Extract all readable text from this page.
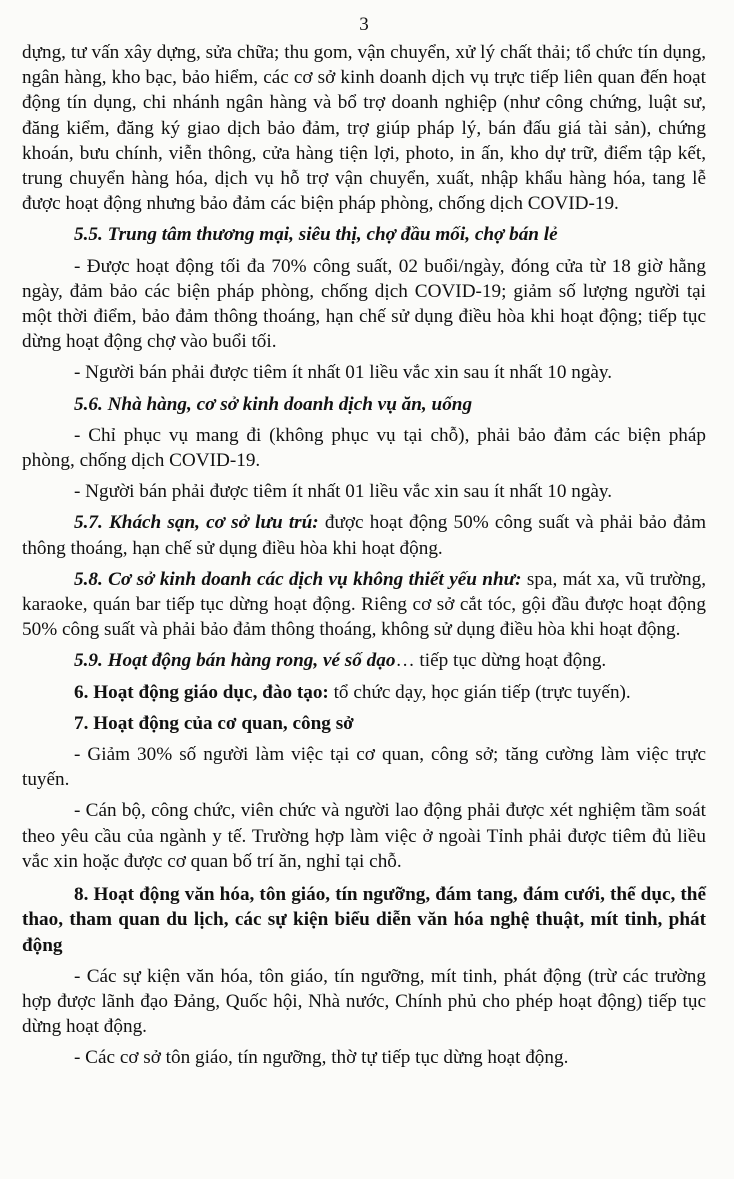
3

dựng, tư vấn xây dựng, sửa chữa; thu gom, vận chuyển, xử lý chất thải; tổ chức tín dụng, ngân hàng, kho bạc, bảo hiểm, các cơ sở kinh doanh dịch vụ trực tiếp liên quan đến hoạt động tín dụng, chi nhánh ngân hàng và bổ trợ doanh nghiệp (như công chứng, luật sư, đăng kiểm, đăng ký giao dịch bảo đảm, trợ giúp pháp lý, bán đấu giá tài sản), chứng khoán, bưu chính, viễn thông, cửa hàng tiện lợi, photo, in ấn, kho dự trữ, điểm tập kết, trung chuyển hàng hóa, dịch vụ hỗ trợ vận chuyển, xuất, nhập khẩu hàng hóa, tang lễ được hoạt động nhưng bảo đảm các biện pháp phòng, chống dịch COVID-19.

5.5. Trung tâm thương mại, siêu thị, chợ đầu mối, chợ bán lẻ

- Được hoạt động tối đa 70% công suất, 02 buổi/ngày, đóng cửa từ 18 giờ hằng ngày, đảm bảo các biện pháp phòng, chống dịch COVID-19; giảm số lượng người tại một thời điểm, bảo đảm thông thoáng, hạn chế sử dụng điều hòa khi hoạt động; tiếp tục dừng hoạt động chợ vào buổi tối.

- Người bán phải được tiêm ít nhất 01 liều vắc xin sau ít nhất 10 ngày.

5.6. Nhà hàng, cơ sở kinh doanh dịch vụ ăn, uống

- Chỉ phục vụ mang đi (không phục vụ tại chỗ), phải bảo đảm các biện pháp phòng, chống dịch COVID-19.

- Người bán phải được tiêm ít nhất 01 liều vắc xin sau ít nhất 10 ngày.

5.7. Khách sạn, cơ sở lưu trú: được hoạt động 50% công suất và phải bảo đảm thông thoáng, hạn chế sử dụng điều hòa khi hoạt động.

5.8. Cơ sở kinh doanh các dịch vụ không thiết yếu như: spa, mát xa, vũ trường, karaoke, quán bar tiếp tục dừng hoạt động. Riêng cơ sở cắt tóc, gội đầu được hoạt động 50% công suất và phải bảo đảm thông thoáng, không sử dụng điều hòa khi hoạt động.

5.9. Hoạt động bán hàng rong, vé số dạo… tiếp tục dừng hoạt động.

6. Hoạt động giáo dục, đào tạo: tổ chức dạy, học gián tiếp (trực tuyến).

7. Hoạt động của cơ quan, công sở

- Giảm 30% số người làm việc tại cơ quan, công sở; tăng cường làm việc trực tuyến.

- Cán bộ, công chức, viên chức và người lao động phải được xét nghiệm tầm soát theo yêu cầu của ngành y tế. Trường hợp làm việc ở ngoài Tỉnh phải được tiêm đủ liều vắc xin hoặc được cơ quan bố trí ăn, nghỉ tại chỗ.

8. Hoạt động văn hóa, tôn giáo, tín ngưỡng, đám tang, đám cưới, thể dục, thể thao, tham quan du lịch, các sự kiện biểu diễn văn hóa nghệ thuật, mít tinh, phát động

- Các sự kiện văn hóa, tôn giáo, tín ngưỡng, mít tinh, phát động (trừ các trường hợp được lãnh đạo Đảng, Quốc hội, Nhà nước, Chính phủ cho phép hoạt động) tiếp tục dừng hoạt động.

- Các cơ sở tôn giáo, tín ngưỡng, thờ tự tiếp tục dừng hoạt động.
